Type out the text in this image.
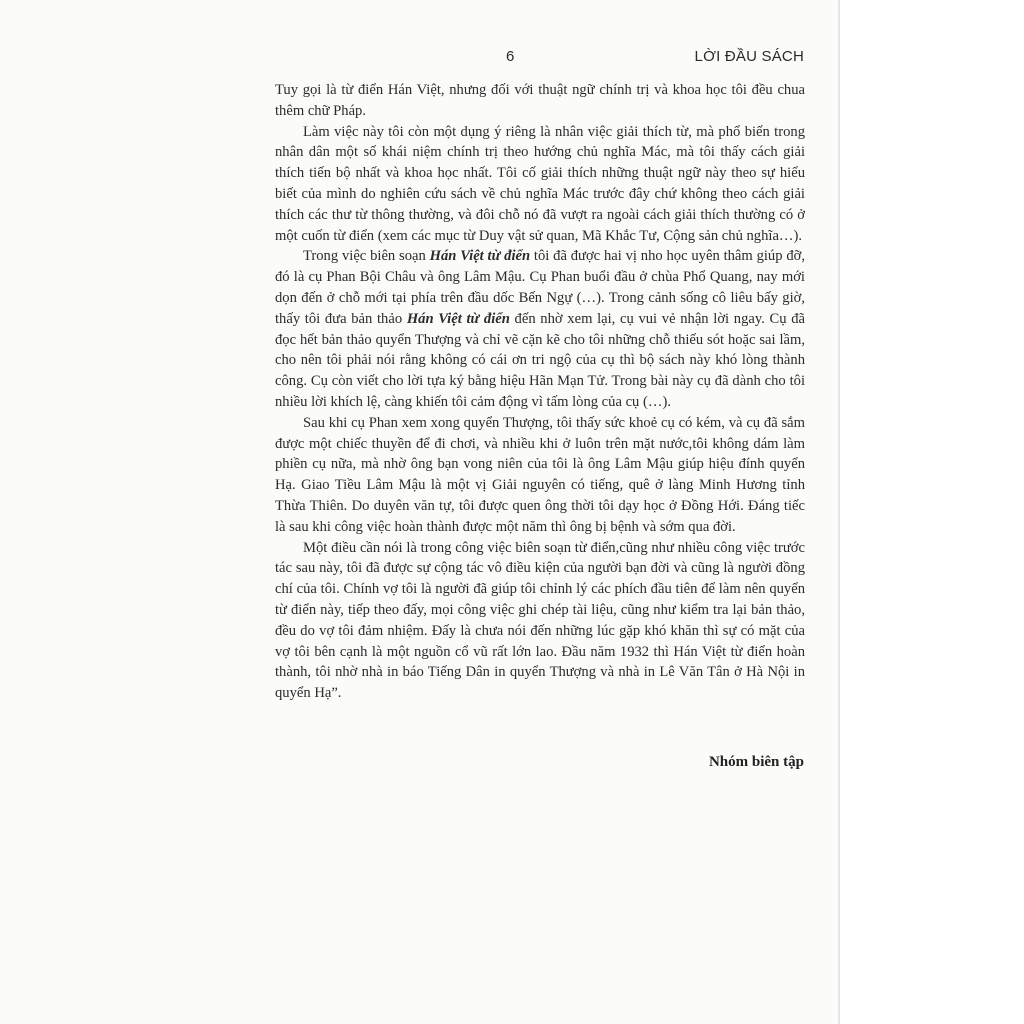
6	LỜI ĐẦU SÁCH

Tuy gọi là từ điển Hán Việt, nhưng đối với thuật ngữ chính trị và khoa học tôi đều chua thêm chữ Pháp.

Làm việc này tôi còn một dụng ý riêng là nhân việc giải thích từ, mà phổ biến trong nhân dân một số khái niệm chính trị theo hướng chủ nghĩa Mác, mà tôi thấy cách giải thích tiến bộ nhất và khoa học nhất. Tôi cố giải thích những thuật ngữ này theo sự hiểu biết của mình do nghiên cứu sách về chủ nghĩa Mác trước đây chứ không theo cách giải thích các thư từ thông thường, và đôi chỗ nó đã vượt ra ngoài cách giải thích thường có ở một cuốn từ điển (xem các mục từ Duy vật sử quan, Mã Khắc Tư, Cộng sản chủ nghĩa…).

Trong việc biên soạn Hán Việt từ điển tôi đã được hai vị nho học uyên thâm giúp đỡ, đó là cụ Phan Bội Châu và ông Lâm Mậu. Cụ Phan buổi đầu ở chùa Phổ Quang, nay mới dọn đến ở chỗ mới tại phía trên đầu dốc Bến Ngự (…). Trong cảnh sống cô liêu bấy giờ, thấy tôi đưa bản thảo Hán Việt từ điển đến nhờ xem lại, cụ vui vẻ nhận lời ngay. Cụ đã đọc hết bản thảo quyển Thượng và chỉ vẽ cặn kẽ cho tôi những chỗ thiếu sót hoặc sai lầm, cho nên tôi phải nói rằng không có cái ơn tri ngộ của cụ thì bộ sách này khó lòng thành công. Cụ còn viết cho lời tựa ký bằng hiệu Hãn Mạn Tử. Trong bài này cụ đã dành cho tôi nhiều lời khích lệ, càng khiến tôi cảm động vì tấm lòng của cụ (…).

Sau khi cụ Phan xem xong quyển Thượng, tôi thấy sức khoẻ cụ có kém, và cụ đã sắm được một chiếc thuyền để đi chơi, và nhiều khi ở luôn trên mặt nước,tôi không dám làm phiền cụ nữa, mà nhờ ông bạn vong niên của tôi là ông Lâm Mậu giúp hiệu đính quyển Hạ. Giao Tiều Lâm Mậu là một vị Giải nguyên có tiếng, quê ở làng Minh Hương tỉnh Thừa Thiên. Do duyên văn tự, tôi được quen ông thời tôi dạy học ở Đồng Hới. Đáng tiếc là sau khi công việc hoàn thành được một năm thì ông bị bệnh và sớm qua đời.

Một điều cần nói là trong công việc biên soạn từ điển,cũng như nhiều công việc trước tác sau này, tôi đã được sự cộng tác vô điều kiện của người bạn đời và cũng là người đồng chí của tôi. Chính vợ tôi là người đã giúp tôi chỉnh lý các phích đầu tiên để làm nên quyển từ điển này, tiếp theo đấy, mọi công việc ghi chép tài liệu, cũng như kiểm tra lại bản thảo, đều do vợ tôi đảm nhiệm. Đấy là chưa nói đến những lúc gặp khó khăn thì sự có mặt của vợ tôi bên cạnh là một nguồn cổ vũ rất lớn lao. Đầu năm 1932 thì Hán Việt từ điển hoàn thành, tôi nhờ nhà in báo Tiếng Dân in quyển Thượng và nhà in Lê Văn Tân ở Hà Nội in quyển Hạ”.

Nhóm biên tập
